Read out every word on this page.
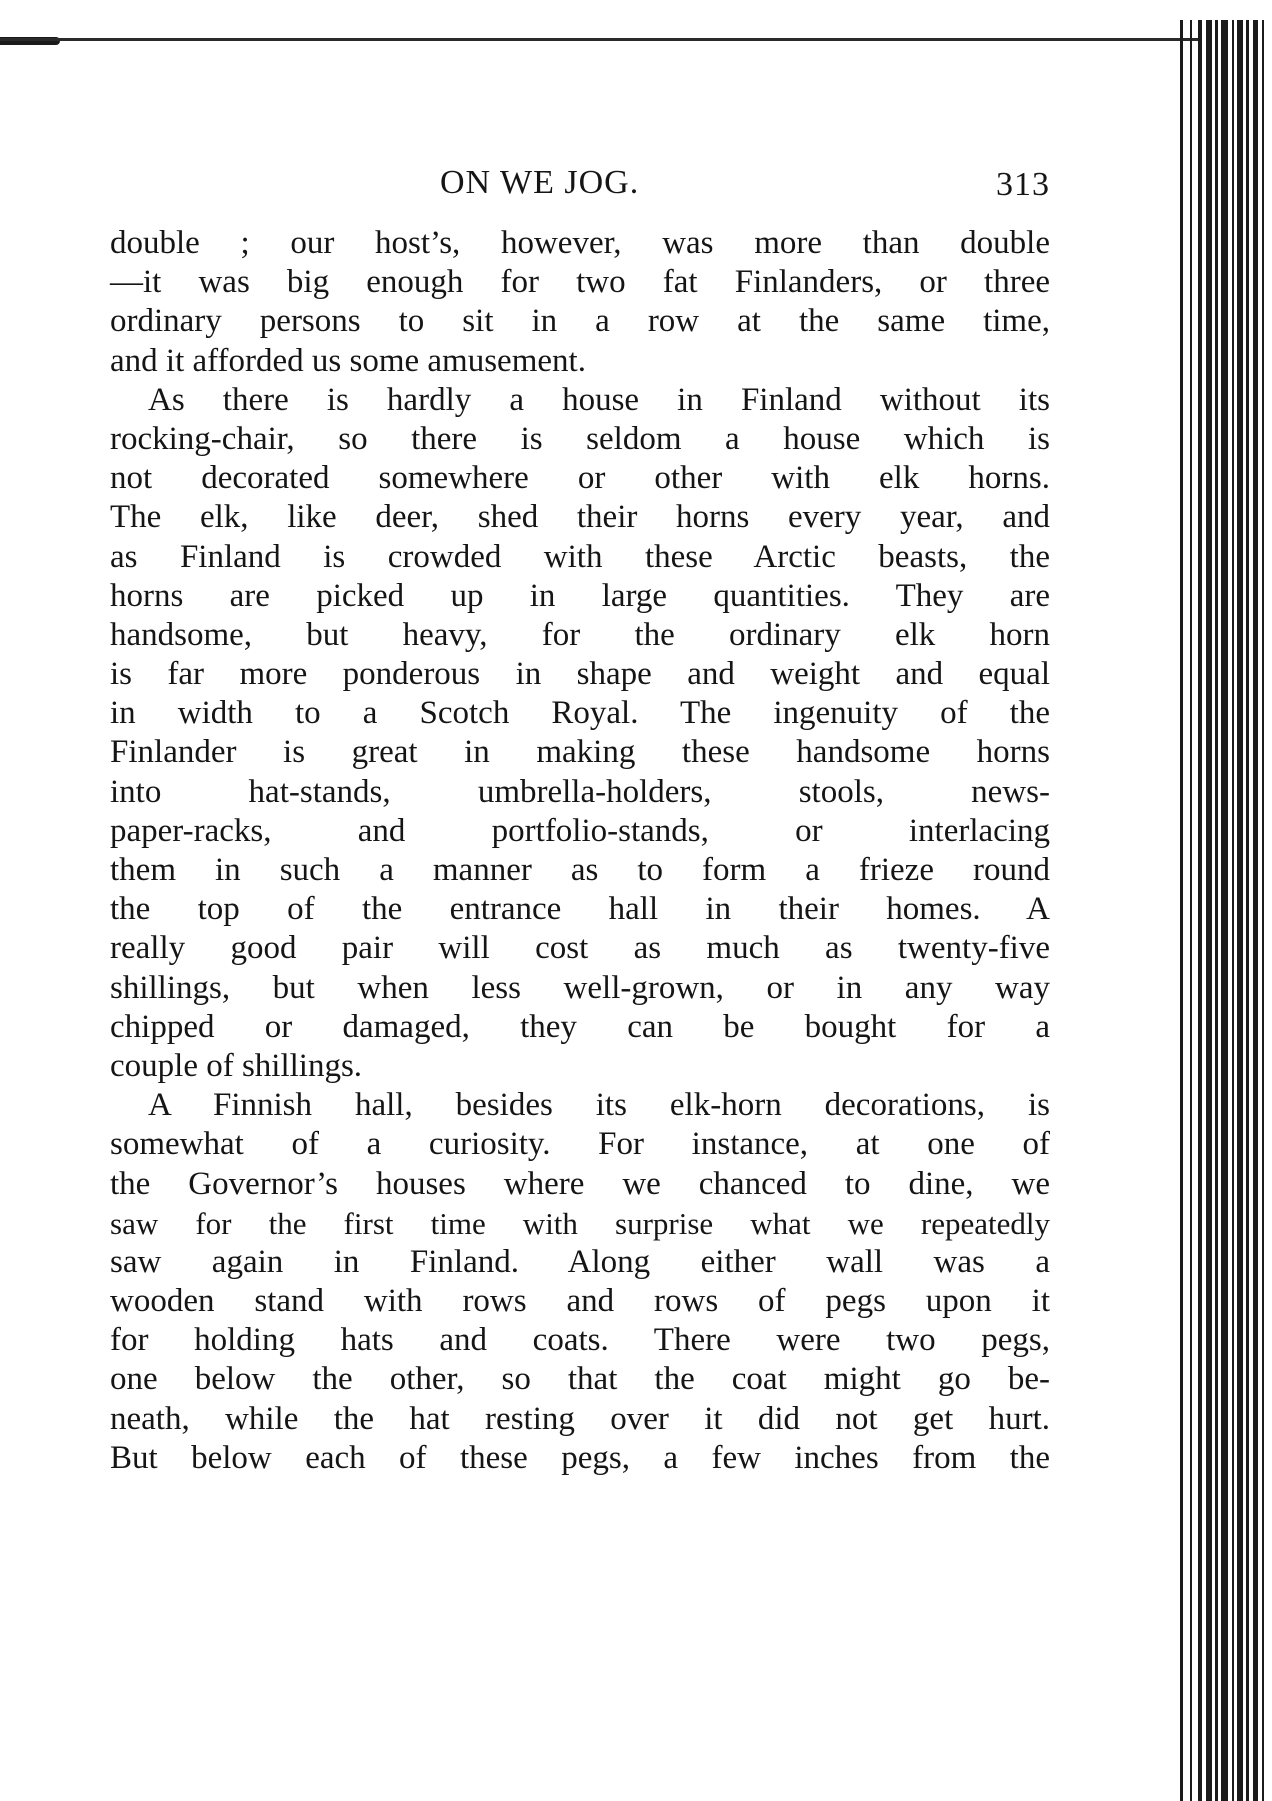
ON WE JOG.	313

double ; our host’s, however, was more than double
—it was big enough for two fat Finlanders, or three
ordinary persons to sit in a row at the same time,
and it afforded us some amusement.

As there is hardly a house in Finland without its
rocking-chair, so there is seldom a house which is
not decorated somewhere or other with elk horns.
The elk, like deer, shed their horns every year, and
as Finland is crowded with these Arctic beasts, the
horns are picked up in large quantities. They are
handsome, but heavy, for the ordinary elk horn
is far more ponderous in shape and weight and equal
in width to a Scotch Royal. The ingenuity of the
Finlander is great in making these handsome horns
into hat-stands, umbrella-holders, stools, news-
paper-racks, and portfolio-stands, or interlacing
them in such a manner as to form a frieze round
the top of the entrance hall in their homes. A
really good pair will cost as much as twenty-five
shillings, but when less well-grown, or in any way
chipped or damaged, they can be bought for a
couple of shillings.

A Finnish hall, besides its elk-horn decorations, is
somewhat of a curiosity. For instance, at one of
the Governor’s houses where we chanced to dine, we
saw for the first time with surprise what we repeatedly
saw again in Finland. Along either wall was a
wooden stand with rows and rows of pegs upon it
for holding hats and coats. There were two pegs,
one below the other, so that the coat might go be-
neath, while the hat resting over it did not get hurt.
But below each of these pegs, a few inches from the
